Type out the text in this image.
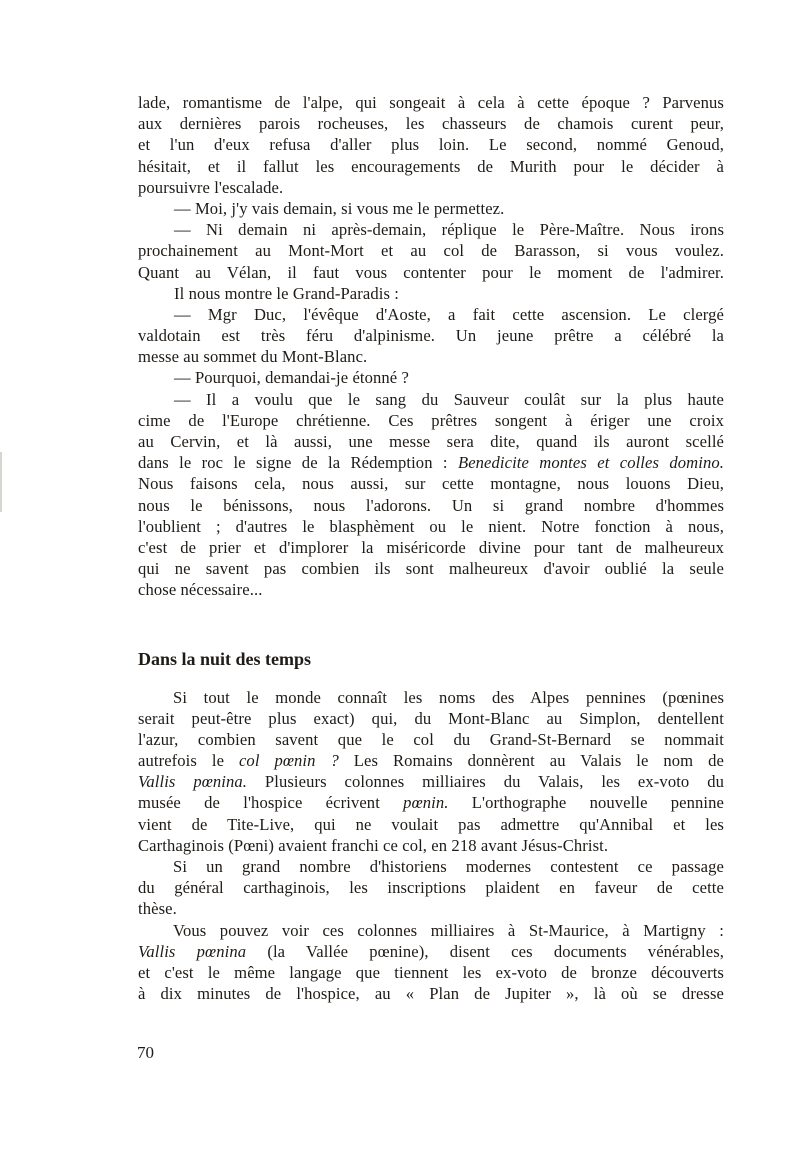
lade, romantisme de l'alpe, qui songeait à cela à cette époque ? Parvenus
aux dernières parois rocheuses, les chasseurs de chamois curent peur,
et l'un d'eux refusa d'aller plus loin. Le second, nommé Genoud,
hésitait, et il fallut les encouragements de Murith pour le décider à
poursuivre l'escalade.
— Moi, j'y vais demain, si vous me le permettez.
— Ni demain ni après-demain, réplique le Père-Maître. Nous irons
prochainement au Mont-Mort et au col de Barasson, si vous voulez.
Quant au Vélan, il faut vous contenter pour le moment de l'admirer.
Il nous montre le Grand-Paradis :
— Mgr Duc, l'évêque d'Aoste, a fait cette ascension. Le clergé
valdotain est très féru d'alpinisme. Un jeune prêtre a célébré la
messe au sommet du Mont-Blanc.
— Pourquoi, demandai-je étonné ?
— Il a voulu que le sang du Sauveur coulât sur la plus haute
cime de l'Europe chrétienne. Ces prêtres songent à ériger une croix
au Cervin, et là aussi, une messe sera dite, quand ils auront scellé
dans le roc le signe de la Rédemption : Benedicite montes et colles domino.
Nous faisons cela, nous aussi, sur cette montagne, nous louons Dieu,
nous le bénissons, nous l'adorons. Un si grand nombre d'hommes
l'oublient ; d'autres le blasphèment ou le nient. Notre fonction à nous,
c'est de prier et d'implorer la miséricorde divine pour tant de malheureux
qui ne savent pas combien ils sont malheureux d'avoir oublié la seule
chose nécessaire...
Dans la nuit des temps
Si tout le monde connaît les noms des Alpes pennines (pœnines
serait peut-être plus exact) qui, du Mont-Blanc au Simplon, dentellent
l'azur, combien savent que le col du Grand-St-Bernard se nommait
autrefois le col pœnin ? Les Romains donnèrent au Valais le nom de
Vallis pœnina. Plusieurs colonnes milliaires du Valais, les ex-voto du
musée de l'hospice écrivent pœnin. L'orthographe nouvelle pennine
vient de Tite-Live, qui ne voulait pas admettre qu'Annibal et les
Carthaginois (Pœni) avaient franchi ce col, en 218 avant Jésus-Christ.
Si un grand nombre d'historiens modernes contestent ce passage
du général carthaginois, les inscriptions plaident en faveur de cette
thèse.
Vous pouvez voir ces colonnes milliaires à St-Maurice, à Martigny :
Vallis pœnina (la Vallée pœnine), disent ces documents vénérables,
et c'est le même langage que tiennent les ex-voto de bronze découverts
à dix minutes de l'hospice, au « Plan de Jupiter », là où se dresse
70
